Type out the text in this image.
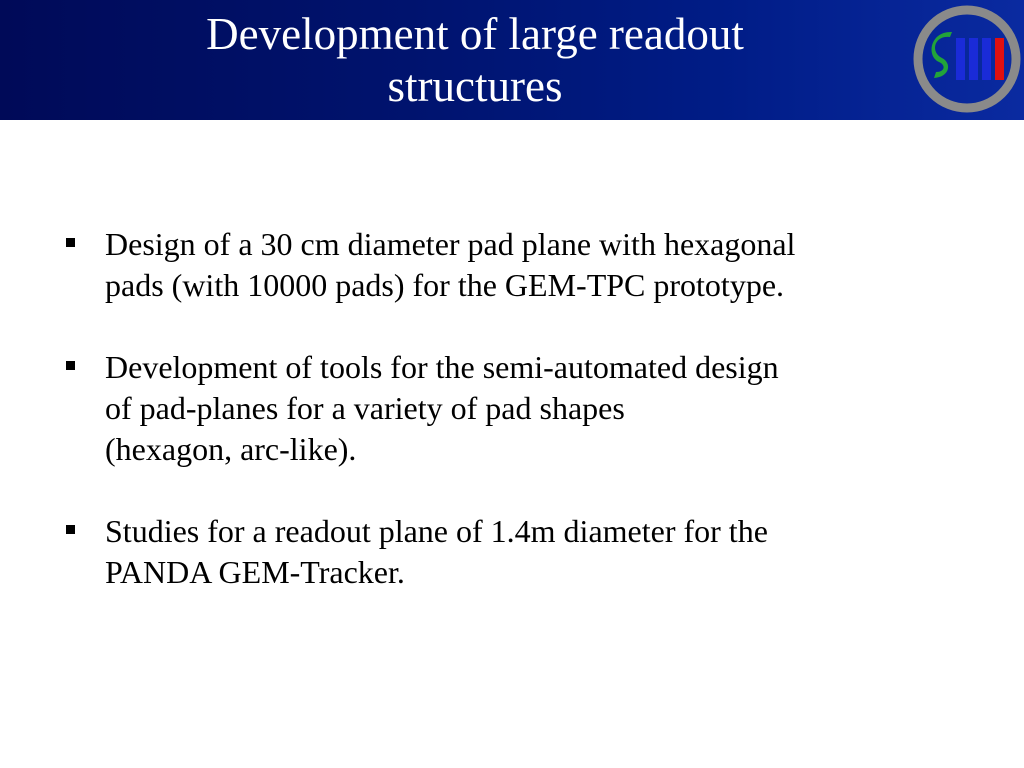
Development of large readout
structures
Design of a 30 cm diameter pad plane with hexagonal
pads (with 10000 pads) for the GEM-TPC prototype.
Development of tools for the semi-automated design
of pad-planes for a variety of pad shapes
(hexagon, arc-like).
Studies for a readout plane of 1.4m diameter for the
PANDA GEM-Tracker.
